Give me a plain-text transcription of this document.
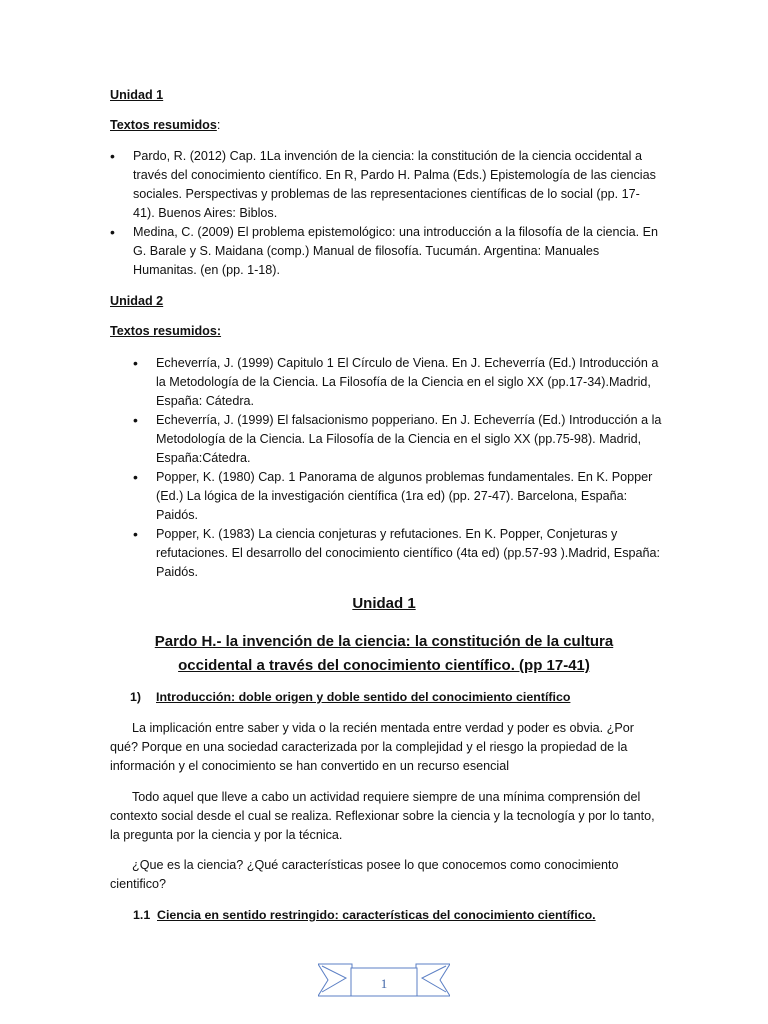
Unidad 1
Textos resumidos:
• Pardo, R. (2012) Cap. 1La invención de la ciencia: la constitución de la ciencia occidental a través del conocimiento científico. En R, Pardo H. Palma (Eds.) Epistemología de las ciencias sociales. Perspectivas y problemas de las representaciones científicas de lo social (pp. 17- 41). Buenos Aires: Biblos.
• Medina, C. (2009) El problema epistemológico: una introducción a la filosofía de la ciencia. En G. Barale y S. Maidana (comp.) Manual de filosofía. Tucumán. Argentina: Manuales Humanitas. (en (pp. 1-18).
Unidad 2
Textos resumidos:
• Echeverría, J. (1999) Capitulo 1 El Círculo de Viena. En J. Echeverría (Ed.) Introducción a la Metodología de la Ciencia. La Filosofía de la Ciencia en el siglo XX (pp.17-34).Madrid, España: Cátedra.
• Echeverría, J. (1999) El falsacionismo popperiano. En J. Echeverría (Ed.) Introducción a la Metodología de la Ciencia. La Filosofía de la Ciencia en el siglo XX (pp.75-98). Madrid, España:Cátedra.
• Popper, K. (1980) Cap. 1 Panorama de algunos problemas fundamentales. En K. Popper (Ed.) La lógica de la investigación científica (1ra ed) (pp. 27-47). Barcelona, España: Paidós.
• Popper, K. (1983) La ciencia conjeturas y refutaciones. En K. Popper, Conjeturas y refutaciones. El desarrollo del conocimiento científico (4ta ed) (pp.57-93 ).Madrid, España: Paidós.
Unidad 1
Pardo H.- la invención de la ciencia: la constitución de la cultura
occidental a través del conocimiento científico. (pp 17-41)
1) Introducción: doble origen y doble sentido del conocimiento científico
La implicación entre saber y vida o la recién mentada entre verdad y poder es obvia. ¿Por qué? Porque en una sociedad caracterizada por la complejidad y el riesgo la propiedad de la información y el conocimiento se han convertido en un recurso esencial
Todo aquel que lleve a cabo un actividad requiere siempre de una mínima comprensión del contexto social desde el cual se realiza. Reflexionar sobre la ciencia y la tecnología y por lo tanto, la pregunta por la ciencia y por la técnica.
¿Que es la ciencia? ¿Qué características posee lo que conocemos como conocimiento cientifico?
1.1 Ciencia en sentido restringido: características del conocimiento científico.
1
